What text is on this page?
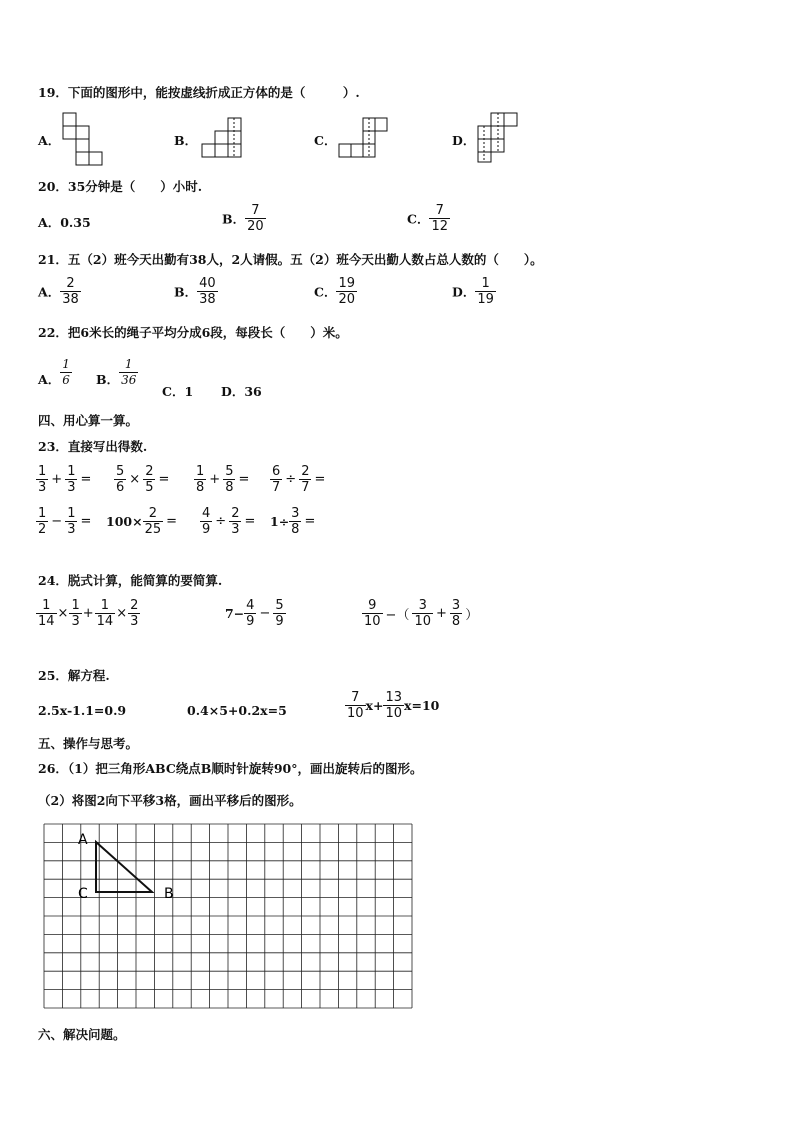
19．下面的图形中，能按虚线折成正方体的是（　　　）.
A．	B．	C．	D．
20．35分钟是（　　）小时.
A．0.35	B． $\frac{7}{20}$	C． $\frac{7}{12}$
21．五（2）班今天出勤有38人，2人请假。五（2）班今天出勤人数占总人数的（　　）。
A． $\frac{2}{38}$	B． $\frac{40}{38}$	C． $\frac{19}{20}$	D． $\frac{1}{19}$
22．把6米长的绳子平均分成6段，每段长（　　）米。
A． $\frac{1}{6}$ B． $\frac{1}{36}$
C．1 D．36
四、用心算一算。
23．直接写出得数.
$\frac{1}{3} + \frac{1}{3} = \frac{5}{6} \times \frac{2}{5} = \frac{1}{8} + \frac{5}{8} = \frac{6}{7} \div \frac{2}{7}$ =
$\frac{1}{2} - \frac{1}{3} = 100\times \frac{2}{25} = \frac{4}{9} \div \frac{2}{3} = 1\div \frac{3}{8}$ =
24．脱式计算，能简算的要简算.
$\frac{1}{14} \times \frac{1}{3} + \frac{1}{14} \times \frac{2}{3}$	$7- \frac{4}{9} - \frac{5}{9}$	$\frac{9}{10}$ −（ $\frac{3}{10} + \frac{3}{8}$ ）
25．解方程.
2.5x-1.1=0.9	0.4×5+0.2x=5	$\frac{7}{10} x+ \frac{13}{10} x=10$
五、操作与思考。
26．（1）把三角形ABC绕点B顺时针旋转90°，画出旋转后的图形。
（2）将图2向下平移3格，画出平移后的图形。
A
C	B
六、解决问题。
